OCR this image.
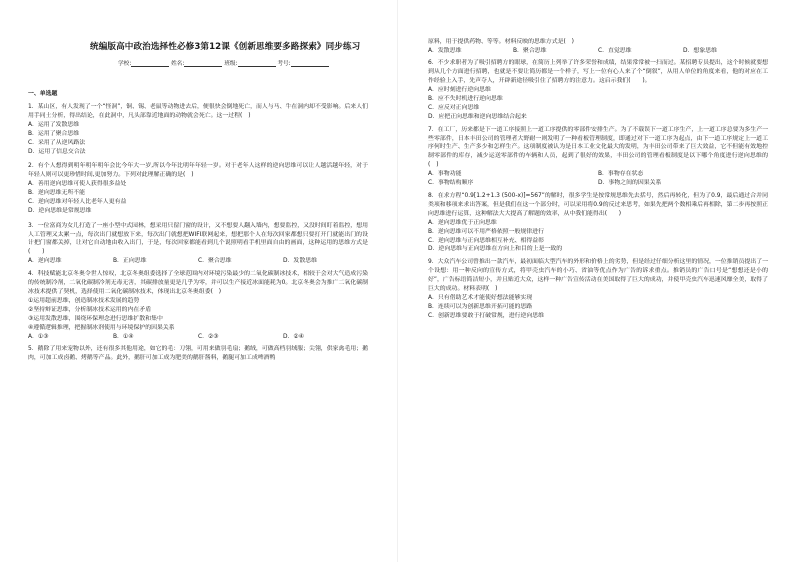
统编版高中政治选择性必修3第12课《创新思维要多路探索》同步练习
学校:	姓名:	班级:	考号:

一、单选题

1．某山区，有人发现了一个“怪洞”，铜、锡、老鼠等动物进去后，便很快会倒地死亡，而人与马、牛在洞内却不受影响。后来人们用手同土分析，得出结论，在此洞中，凡头部靠近地面的动物就会死亡。这一过程(　)

A．运用了发散思维

B．运用了聚合思维

C．采用了从逆风路法

D．运用了信息交合法

2．有个人想得到明年明年明年会比今年大一岁,所以今年比明年年轻一岁。对于老年人这样的逆向思维可以让人越活越年轻，对于年轻人则可以更珍惜时间,更加努力。下列对此理解正确的是(　)

A．善用逆向思维可使人获得很多益处

B．逆向思维无所不能

C．逆向思维对年轻人比老年人更有益

D．逆向思维是常规思维

3．一位富商为女儿打造了一座小型中式园林，想采用只留门窗的设计，又不想要人翻入墙内，想要监控，又没时间盯着监控，想用人工管理又太累一点，每次出门就想放下来，每次出门就想把WIFI联网起来，想把那个人在每次回家都想只要打开门就能出门的设计把门窗都关掉，让对它自动地由收入出门，于是，每次回家都能看到几个说照明看手机里面自由的画面，这种运用的思维方式是(　　)

A．逆向思维	B．正向思维	C．聚合思维	D．发散思维

4．科技赋能北京冬奥令世人惊叹，北京冬奥组委选择了全球范围内对环境污染最少的二氧化碳制冰技术，相较于会对大气造成污染的传统制冷剂，二氧化碳制冷剂无毒无害，其碳排放量更是几乎为零，并可以生产接近冰面能耗为0。北京冬奥会为推广二氧化碳制冰技术提供了契机，选择使用二氧化碳制冰技术，体现出北京冬奥组委(　)

①运用超前思维，创造制冰技术发展的趋势

②坚持辩证思维，分析制冰技术运用的内在矛盾

③运用发散思维，围绕环保理念进行思维扩散和集中

④遵循逻辑推理，把握制冰剂使用与环境保护的因果关系

A．①③	B．①④	C．②③	D．②④

5．鹅除了用来宠物以外，还有很多其他用途，如它的毛：刀翎，可用来做羽毛扇；鹅绒，可做高档羽绒服；尖翎，供家禽毛用；鹅肉，可加工成卤鹅、烤鹅等产品。此外，鹅肝可加工成为肥美的鹅肝酱料，鹅腿可加工成啤酒鸭

原料，用于提供药物、等等。材料反映的思维方式是(　)

A．发散思维	B．聚合思维	C．直觉思维	D．想象思维

6．不少求职者为了吸引招聘方的眼球，在简历上列举了许多荣誉和成绩，结果常常被一扫而过。某招聘专员提出，这个时候就要想到从几个方面进行招聘，也就是不要让简历都是一个样子，写上一位有心人来了个“倒叙”，从用人单位的角度来看，他的对应在工作经验上入手，先声夺人，开辟新途径吸引住了招聘方的注意力。这启示我们(　　)。

A．应时刻进行逆向思维

B．应不失时机进行逆向思维

C．应反对正向思维

D．应把正向思维和逆向思维结合起来

7．在工厂，历来都是下一道工序接照上一道工序提供的零部件安排生产。为了不载误下一道工序生产，上一道工序总要为多生产一些零部件，日本丰田公司的管理者大野耐一则发明了一种看板管理制度，即通过对下一道工序为起点，由下一道工序规定上一道工序何时生产、生产多少和怎样生产。这项制度被认为是日本工业文化最大的发明，为丰田公司带来了巨大效益，它不但能有效地控制零部件的库存，减少运送零部件的车辆和人员，起到了很好的效果，丰田公司的管理看板制度是以下哪个角度进行逆向思维的(　)

A．事物功能	B．事物存在状态
C．事物结构顺序	D．事物之间的因果关系

8．在求方程“0.9[1.2+1.3 (500-x)]=567”的解时，很多学生是按常规思维先去括号，然后再转化，但为了0.9，最后通过合并同类项和移项来求出答案，但是我们在这一个部分时，可以采用将0.9的反过来思考，如果先把两个数相乘后再相除，第二步再按照正向思维进行运算，这种解法大大提高了解题的效率，从中我们能得出(　　)

A．逆向思维优于正向思维

B．逆向思维可以不用严格依照一般规律进行

C．逆向思维与正向思维相互补充、相得益彰

D．逆向思维与正向思维在方向上和目的上是一致的

9．大众汽车公司曾推出一款汽车，最初面临大型汽车的外形和价格上的劣势，但是经过仔细分析这里的情况，一位推销员提出了一个设想：用一种反向的宣传方式，将甲壳虫汽车的小巧、省油等优点作为广告的诉求重点。推销员的广告口号是“想想还是小的好”，广告标语简洁短小，并且贴近大众，这样一种广告宣传活动在美国取得了巨大的成功，并使甲壳虫汽车迅速风靡全美，取得了巨大的成功。材料表明(　)

A．只有借助艺术才能使好想法能够实现

B．连续可以为创新思维开拓可能的思路

C．创新思维要敢于打破常规，进行逆向思维
